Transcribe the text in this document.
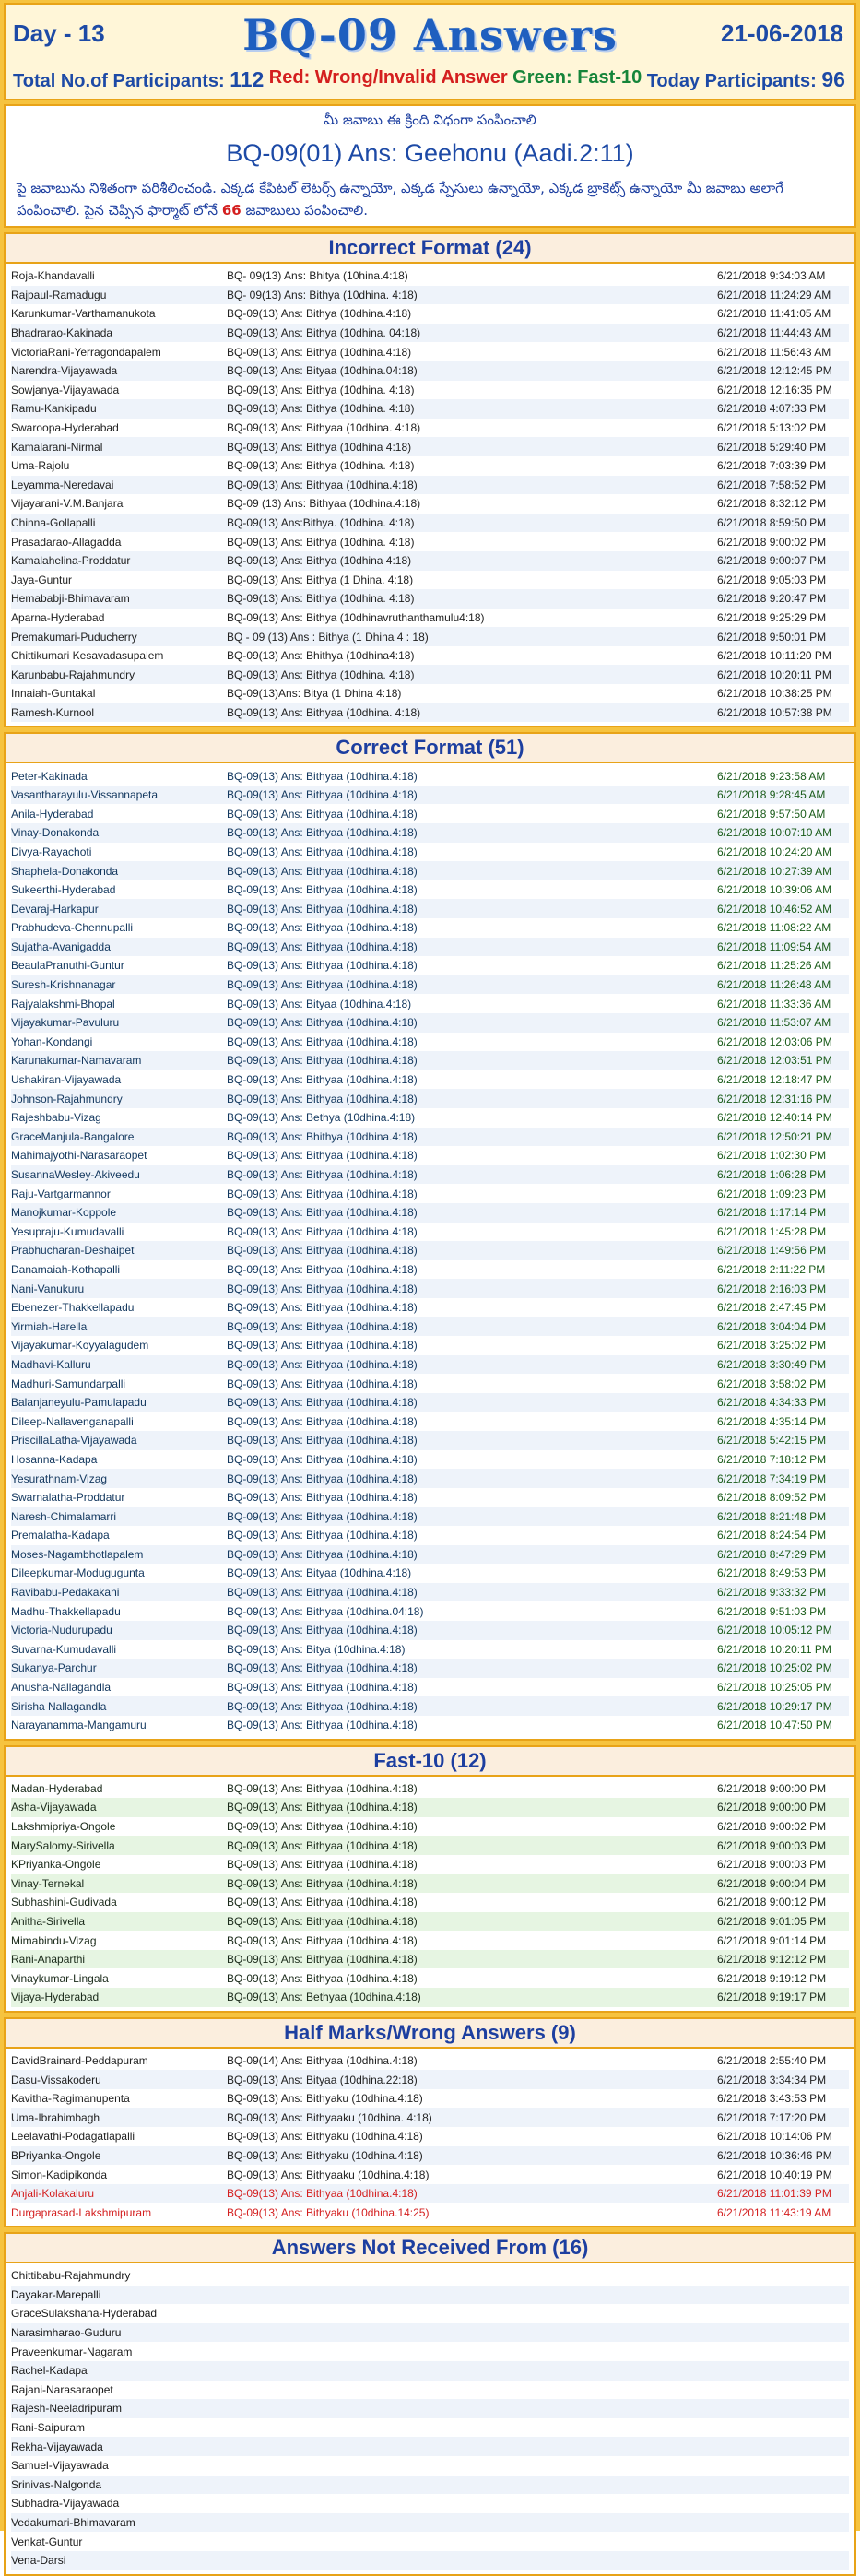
Day - 13	BQ-09 Answers	21-06-2018
Total No.of Participants: 112 Red: Wrong/Invalid Answer Green: Fast-10 Today Participants: 96
మీ జవాబు ఈ క్రింది విధంగా పంపించాలి
BQ-09(01) Ans: Geehonu (Aadi.2:11)
పై జవాబును నిశితంగా పరిశీలించండి. ఎక్కడ కేపిటల్ లెటర్స్ ఉన్నాయో, ఎక్కడ స్పేసులు ఉన్నాయో, ఎక్కడ బ్రాకెట్స్ ఉన్నాయో మీ జవాబు అలాగే పంపించాలి. పైన చెప్పిన ఫార్మాట్ లోనే 66 జవాబులు పంపించాలి.
Incorrect Format (24)
Roja-Khandavalli	BQ- 09(13) Ans: Bhitya (10hina.4:18)	6/21/2018 9:34:03 AM
Rajpaul-Ramadugu	BQ- 09(13) Ans: Bithya (10dhina. 4:18)	6/21/2018 11:24:29 AM
Karunkumar-Varthamanukota	BQ-09(13) Ans: Bithya (10dhina.4:18)	6/21/2018 11:41:05 AM
Bhadrarao-Kakinada	BQ-09(13) Ans: Bithya (10dhina. 04:18)	6/21/2018 11:44:43 AM
VictoriaRani-Yerragondapalem	BQ-09(13) Ans: Bithya (10dhina.4:18)	6/21/2018 11:56:43 AM
Narendra-Vijayawada	BQ-09(13) Ans: Bityaa (10dhina.04:18)	6/21/2018 12:12:45 PM
Sowjanya-Vijayawada	BQ-09(13) Ans: Bithya (10dhina. 4:18)	6/21/2018 12:16:35 PM
Ramu-Kankipadu	BQ-09(13) Ans: Bithya (10dhina. 4:18)	6/21/2018 4:07:33 PM
Swaroopa-Hyderabad	BQ-09(13) Ans: Bithyaa (10dhina. 4:18)	6/21/2018 5:13:02 PM
Kamalarani-Nirmal	BQ-09(13) Ans: Bithya (10dhina 4:18)	6/21/2018 5:29:40 PM
Uma-Rajolu	BQ-09(13) Ans: Bithya (10dhina. 4:18)	6/21/2018 7:03:39 PM
Leyamma-Neredavai	BQ-09(13) Ans: Bithyaa (10dhina.4:18)	6/21/2018 7:58:52 PM
Vijayarani-V.M.Banjara	BQ-09 (13) Ans: Bithyaa (10dhina.4:18)	6/21/2018 8:32:12 PM
Chinna-Gollapalli	BQ-09(13) Ans:Bithya. (10dhina. 4:18)	6/21/2018 8:59:50 PM
Prasadarao-Allagadda	BQ-09(13) Ans: Bithya (10dhina. 4:18)	6/21/2018 9:00:02 PM
Kamalahelina-Proddatur	BQ-09(13) Ans: Bithya (10dhina 4:18)	6/21/2018 9:00:07 PM
Jaya-Guntur	BQ-09(13) Ans: Bithya (1 Dhina. 4:18)	6/21/2018 9:05:03 PM
Hemababji-Bhimavaram	BQ-09(13) Ans: Bithya (10dhina. 4:18)	6/21/2018 9:20:47 PM
Aparna-Hyderabad	BQ-09(13) Ans: Bithya (10dhinavruthanthamulu4:18)	6/21/2018 9:25:29 PM
Premakumari-Puducherry	BQ - 09 (13) Ans : Bithya (1 Dhina 4 : 18)	6/21/2018 9:50:01 PM
Chittikumari Kesavadasupalem	BQ-09(13) Ans: Bhithya (10dhina4:18)	6/21/2018 10:11:20 PM
Karunbabu-Rajahmundry	BQ-09(13) Ans: Bithya (10dhina. 4:18)	6/21/2018 10:20:11 PM
Innaiah-Guntakal	BQ-09(13)Ans: Bitya (1 Dhina 4:18)	6/21/2018 10:38:25 PM
Ramesh-Kurnool	BQ-09(13) Ans: Bithyaa (10dhina. 4:18)	6/21/2018 10:57:38 PM
Correct Format (51)
Peter-Kakinada	BQ-09(13) Ans: Bithyaa (10dhina.4:18)	6/21/2018 9:23:58 AM
Vasantharayulu-Vissannapeta	BQ-09(13) Ans: Bithyaa (10dhina.4:18)	6/21/2018 9:28:45 AM
Anila-Hyderabad	BQ-09(13) Ans: Bithyaa (10dhina.4:18)	6/21/2018 9:57:50 AM
Vinay-Donakonda	BQ-09(13) Ans: Bithyaa (10dhina.4:18)	6/21/2018 10:07:10 AM
Divya-Rayachoti	BQ-09(13) Ans: Bithyaa (10dhina.4:18)	6/21/2018 10:24:20 AM
Shaphela-Donakonda	BQ-09(13) Ans: Bithyaa (10dhina.4:18)	6/21/2018 10:27:39 AM
Sukeerthi-Hyderabad	BQ-09(13) Ans: Bithyaa (10dhina.4:18)	6/21/2018 10:39:06 AM
Devaraj-Harkapur	BQ-09(13) Ans: Bithyaa (10dhina.4:18)	6/21/2018 10:46:52 AM
Prabhudeva-Chennupalli	BQ-09(13) Ans: Bithyaa (10dhina.4:18)	6/21/2018 11:08:22 AM
Sujatha-Avanigadda	BQ-09(13) Ans: Bithyaa (10dhina.4:18)	6/21/2018 11:09:54 AM
BeaulaPranuthi-Guntur	BQ-09(13) Ans: Bithyaa (10dhina.4:18)	6/21/2018 11:25:26 AM
Suresh-Krishnanagar	BQ-09(13) Ans: Bithyaa (10dhina.4:18)	6/21/2018 11:26:48 AM
Rajyalakshmi-Bhopal	BQ-09(13) Ans: Bityaa (10dhina.4:18)	6/21/2018 11:33:36 AM
Vijayakumar-Pavuluru	BQ-09(13) Ans: Bithyaa (10dhina.4:18)	6/21/2018 11:53:07 AM
Yohan-Kondangi	BQ-09(13) Ans: Bithyaa (10dhina.4:18)	6/21/2018 12:03:06 PM
Karunakumar-Namavaram	BQ-09(13) Ans: Bithyaa (10dhina.4:18)	6/21/2018 12:03:51 PM
Ushakiran-Vijayawada	BQ-09(13) Ans: Bithyaa (10dhina.4:18)	6/21/2018 12:18:47 PM
Johnson-Rajahmundry	BQ-09(13) Ans: Bithyaa (10dhina.4:18)	6/21/2018 12:31:16 PM
Rajeshbabu-Vizag	BQ-09(13) Ans: Bethya (10dhina.4:18)	6/21/2018 12:40:14 PM
GraceManjula-Bangalore	BQ-09(13) Ans: Bhithya (10dhina.4:18)	6/21/2018 12:50:21 PM
Mahimajyothi-Narasaraopet	BQ-09(13) Ans: Bithyaa (10dhina.4:18)	6/21/2018 1:02:30 PM
SusannaWesley-Akiveedu	BQ-09(13) Ans: Bithyaa (10dhina.4:18)	6/21/2018 1:06:28 PM
Raju-Vartgarmannor	BQ-09(13) Ans: Bithyaa (10dhina.4:18)	6/21/2018 1:09:23 PM
Manojkumar-Koppole	BQ-09(13) Ans: Bithyaa (10dhina.4:18)	6/21/2018 1:17:14 PM
Yesupraju-Kumudavalli	BQ-09(13) Ans: Bithyaa (10dhina.4:18)	6/21/2018 1:45:28 PM
Prabhucharan-Deshaipet	BQ-09(13) Ans: Bithyaa (10dhina.4:18)	6/21/2018 1:49:56 PM
Danamaiah-Kothapalli	BQ-09(13) Ans: Bithyaa (10dhina.4:18)	6/21/2018 2:11:22 PM
Nani-Vanukuru	BQ-09(13) Ans: Bithyaa (10dhina.4:18)	6/21/2018 2:16:03 PM
Ebenezer-Thakkellapadu	BQ-09(13) Ans: Bithyaa (10dhina.4:18)	6/21/2018 2:47:45 PM
Yirmiah-Harella	BQ-09(13) Ans: Bithyaa (10dhina.4:18)	6/21/2018 3:04:04 PM
Vijayakumar-Koyyalagudem	BQ-09(13) Ans: Bithyaa (10dhina.4:18)	6/21/2018 3:25:02 PM
Madhavi-Kalluru	BQ-09(13) Ans: Bithyaa (10dhina.4:18)	6/21/2018 3:30:49 PM
Madhuri-Samundarpalli	BQ-09(13) Ans: Bithyaa (10dhina.4:18)	6/21/2018 3:58:02 PM
Balanjaneyulu-Pamulapadu	BQ-09(13) Ans: Bithyaa (10dhina.4:18)	6/21/2018 4:34:33 PM
Dileep-Nallavenganapalli	BQ-09(13) Ans: Bithyaa (10dhina.4:18)	6/21/2018 4:35:14 PM
PriscillaLatha-Vijayawada	BQ-09(13) Ans: Bithyaa (10dhina.4:18)	6/21/2018 5:42:15 PM
Hosanna-Kadapa	BQ-09(13) Ans: Bithyaa (10dhina.4:18)	6/21/2018 7:18:12 PM
Yesurathnam-Vizag	BQ-09(13) Ans: Bithyaa (10dhina.4:18)	6/21/2018 7:34:19 PM
Swarnalatha-Proddatur	BQ-09(13) Ans: Bithyaa (10dhina.4:18)	6/21/2018 8:09:52 PM
Naresh-Chimalamarri	BQ-09(13) Ans: Bithyaa (10dhina.4:18)	6/21/2018 8:21:48 PM
Premalatha-Kadapa	BQ-09(13) Ans: Bithyaa (10dhina.4:18)	6/21/2018 8:24:54 PM
Moses-Nagambhotlapalem	BQ-09(13) Ans: Bithyaa (10dhina.4:18)	6/21/2018 8:47:29 PM
Dileepkumar-Modugugunta	BQ-09(13) Ans: Bityaa (10dhina.4:18)	6/21/2018 8:49:53 PM
Ravibabu-Pedakakani	BQ-09(13) Ans: Bithyaa (10dhina.4:18)	6/21/2018 9:33:32 PM
Madhu-Thakkellapadu	BQ-09(13) Ans: Bithyaa (10dhina.04:18)	6/21/2018 9:51:03 PM
Victoria-Nudurupadu	BQ-09(13) Ans: Bithyaa (10dhina.4:18)	6/21/2018 10:05:12 PM
Suvarna-Kumudavalli	BQ-09(13) Ans: Bitya (10dhina.4:18)	6/21/2018 10:20:11 PM
Sukanya-Parchur	BQ-09(13) Ans: Bithyaa (10dhina.4:18)	6/21/2018 10:25:02 PM
Anusha-Nallagandla	BQ-09(13) Ans: Bithyaa (10dhina.4:18)	6/21/2018 10:25:05 PM
Sirisha Nallagandla	BQ-09(13) Ans: Bithyaa (10dhina.4:18)	6/21/2018 10:29:17 PM
Narayanamma-Mangamuru	BQ-09(13) Ans: Bithyaa (10dhina.4:18)	6/21/2018 10:47:50 PM
Fast-10 (12)
Madan-Hyderabad	BQ-09(13) Ans: Bithyaa (10dhina.4:18)	6/21/2018 9:00:00 PM
Asha-Vijayawada	BQ-09(13) Ans: Bithyaa (10dhina.4:18)	6/21/2018 9:00:00 PM
Lakshmipriya-Ongole	BQ-09(13) Ans: Bithyaa (10dhina.4:18)	6/21/2018 9:00:02 PM
MarySalomy-Sirivella	BQ-09(13) Ans: Bithyaa (10dhina.4:18)	6/21/2018 9:00:03 PM
KPriyanka-Ongole	BQ-09(13) Ans: Bithyaa (10dhina.4:18)	6/21/2018 9:00:03 PM
Vinay-Ternekal	BQ-09(13) Ans: Bithyaa (10dhina.4:18)	6/21/2018 9:00:04 PM
Subhashini-Gudivada	BQ-09(13) Ans: Bithyaa (10dhina.4:18)	6/21/2018 9:00:12 PM
Anitha-Sirivella	BQ-09(13) Ans: Bithyaa (10dhina.4:18)	6/21/2018 9:01:05 PM
Mimabindu-Vizag	BQ-09(13) Ans: Bithyaa (10dhina.4:18)	6/21/2018 9:01:14 PM
Rani-Anaparthi	BQ-09(13) Ans: Bithyaa (10dhina.4:18)	6/21/2018 9:12:12 PM
Vinaykumar-Lingala	BQ-09(13) Ans: Bithyaa (10dhina.4:18)	6/21/2018 9:19:12 PM
Vijaya-Hyderabad	BQ-09(13) Ans: Bethyaa (10dhina.4:18)	6/21/2018 9:19:17 PM
Half Marks/Wrong Answers (9)
DavidBrainard-Peddapuram	BQ-09(14) Ans: Bithyaa (10dhina.4:18)	6/21/2018 2:55:40 PM
Dasu-Vissakoderu	BQ-09(13) Ans: Bityaa (10dhina.22:18)	6/21/2018 3:34:34 PM
Kavitha-Ragimanupenta	BQ-09(13) Ans: Bithyaku (10dhina.4:18)	6/21/2018 3:43:53 PM
Uma-Ibrahimbagh	BQ-09(13) Ans: Bithyaaku (10dhina. 4:18)	6/21/2018 7:17:20 PM
Leelavathi-Podagatlapalli	BQ-09(13) Ans: Bithyaku (10dhina.4:18)	6/21/2018 10:14:06 PM
BPriyanka-Ongole	BQ-09(13) Ans: Bithyaku (10dhina.4:18)	6/21/2018 10:36:46 PM
Simon-Kadipikonda	BQ-09(13) Ans: Bithyaaku (10dhina.4:18)	6/21/2018 10:40:19 PM
Anjali-Kolakaluru	BQ-09(13) Ans: Bithyaa (10dhina.4:18)	6/21/2018 11:01:39 PM
Durgaprasad-Lakshmipuram	BQ-09(13) Ans: Bithyaku (10dhina.14:25)	6/21/2018 11:43:19 AM
Answers Not Received From (16)
Chittibabu-Rajahmundry
Dayakar-Marepalli
GraceSulakshana-Hyderabad
Narasimharao-Guduru
Praveenkumar-Nagaram
Rachel-Kadapa
Rajani-Narasaraopet
Rajesh-Neeladripuram
Rani-Saipuram
Rekha-Vijayawada
Samuel-Vijayawada
Srinivas-Nalgonda
Subhadra-Vijayawada
Vedakumari-Bhimavaram
Venkat-Guntur
Vena-Darsi
